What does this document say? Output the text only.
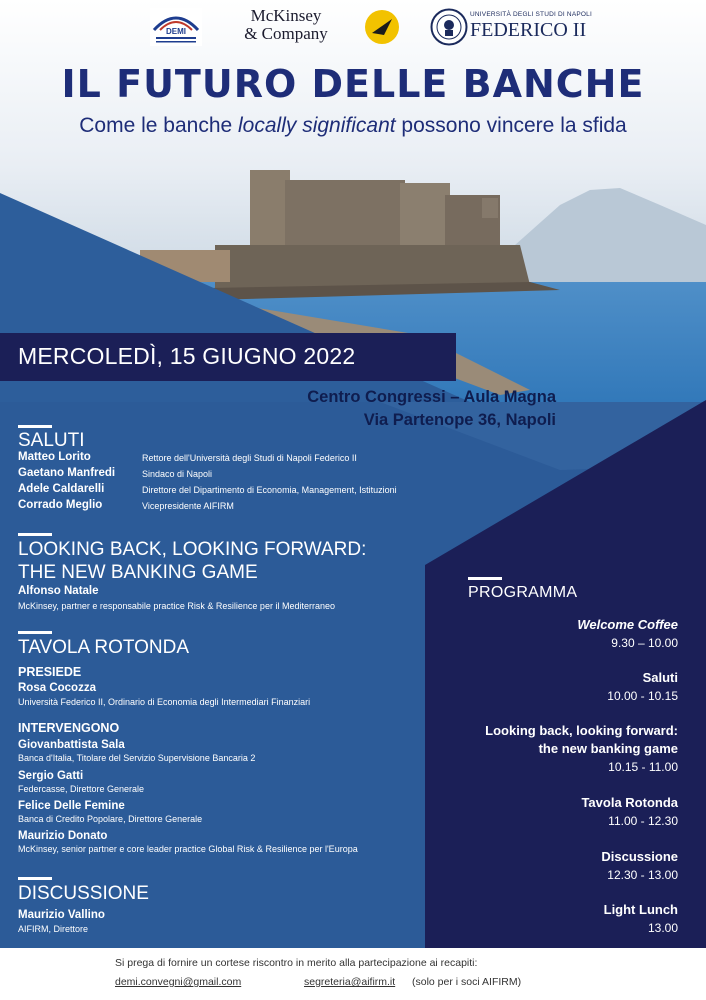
DEMI
McKinsey
& Company
UNIVERSITÀ DEGLI STUDI DI NAPOLI
FEDERICO II
IL FUTURO DELLE BANCHE
Come le banche locally significant possono vincere la sfida
MERCOLEDÌ, 15 GIUGNO 2022
Centro Congressi – Aula Magna
Via Partenope 36, Napoli
SALUTI
Matteo Lorito	Rettore dell'Università degli Studi di Napoli Federico II
Gaetano Manfredi	Sindaco di Napoli
Adele Caldarelli	Direttore del Dipartimento di Economia, Management, Istituzioni
Corrado Meglio	Vicepresidente AIFIRM
LOOKING BACK, LOOKING FORWARD:
THE NEW BANKING GAME
Alfonso Natale
McKinsey, partner e responsabile practice Risk & Resilience per il Mediterraneo
TAVOLA ROTONDA
PRESIEDE
Rosa Cocozza
Università Federico II, Ordinario di Economia degli Intermediari Finanziari
INTERVENGONO
Giovanbattista Sala
Banca d'Italia, Titolare del Servizio Supervisione Bancaria 2
Sergio Gatti
Federcasse, Direttore Generale
Felice Delle Femine
Banca di Credito Popolare, Direttore Generale
Maurizio Donato
McKinsey, senior partner e core leader practice Global Risk & Resilience per l'Europa
DISCUSSIONE
Maurizio Vallino
AIFIRM, Direttore
PROGRAMMA
Welcome Coffee
9.30 – 10.00
Saluti
10.00 - 10.15
Looking back, looking forward:
the new banking game
10.15 - 11.00
Tavola Rotonda
11.00 - 12.30
Discussione
12.30 - 13.00
Light Lunch
13.00
Si prega di fornire un cortese riscontro in merito alla partecipazione ai recapiti:
demi.convegni@gmail.com	segreteria@aifirm.it (solo per i soci AIFIRM)
